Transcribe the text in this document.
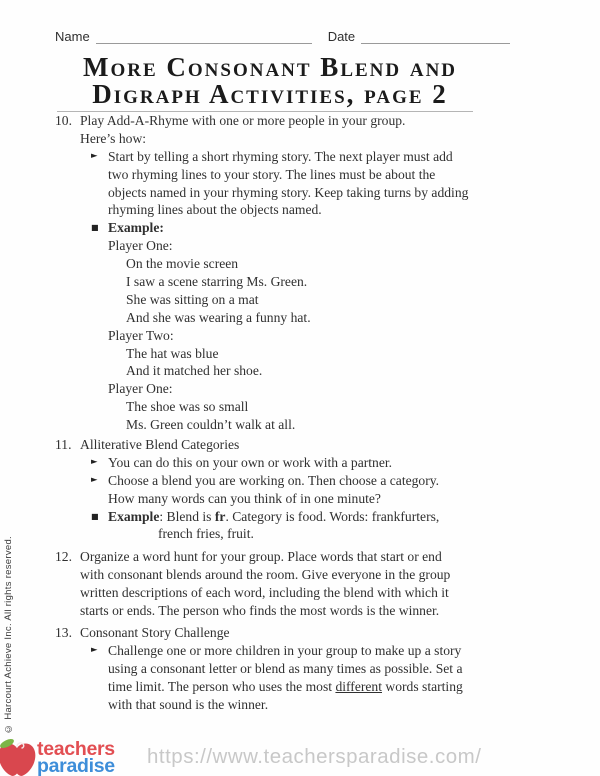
Name	Date
More Consonant Blend and
Digraph Activities, page 2
10. Play Add-A-Rhyme with one or more people in your group.
Here’s how:
► Start by telling a short rhyming story. The next player must add
two rhyming lines to your story. The lines must be about the
objects named in your rhyming story. Keep taking turns by adding
rhyming lines about the objects named.
■ Example:
Player One:
On the movie screen
I saw a scene starring Ms. Green.
She was sitting on a mat
And she was wearing a funny hat.
Player Two:
The hat was blue
And it matched her shoe.
Player One:
The shoe was so small
Ms. Green couldn’t walk at all.
11. Alliterative Blend Categories
► You can do this on your own or work with a partner.
► Choose a blend you are working on. Then choose a category.
How many words can you think of in one minute?
■ Example: Blend is fr. Category is food. Words: frankfurters,
french fries, fruit.
12. Organize a word hunt for your group. Place words that start or end
with consonant blends around the room. Give everyone in the group
written descriptions of each word, including the blend with which it
starts or ends. The person who finds the most words is the winner.
13. Consonant Story Challenge
► Challenge one or more children in your group to make up a story
using a consonant letter or blend as many times as possible. Set a
time limit. The person who uses the most different words starting
with that sound is the winner.
© Harcourt Achieve Inc. All rights reserved.
teachers
paradise https://www.teachersparadise.com/
